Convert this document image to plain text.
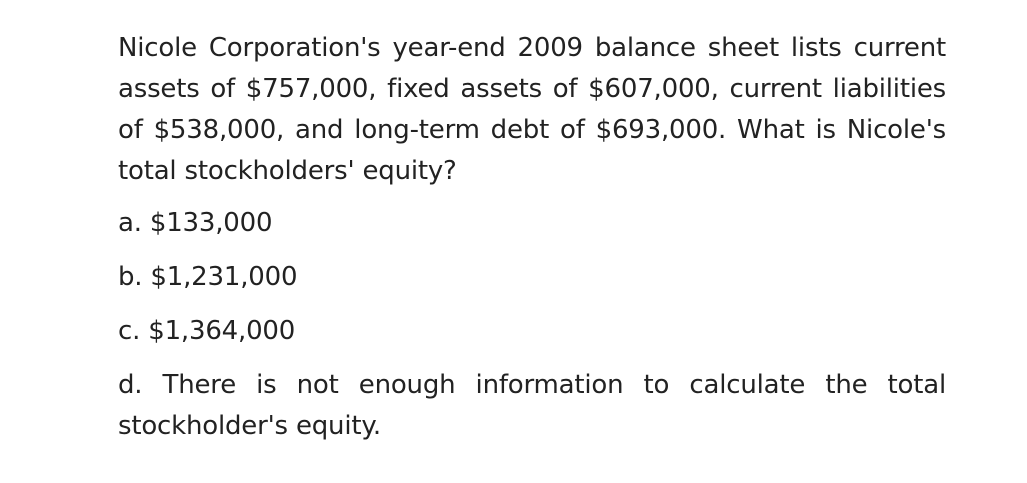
Nicole Corporation's year-end 2009 balance sheet lists current assets of $757,000, fixed assets of $607,000, current liabilities of $538,000, and long-term debt of $693,000. What is Nicole's total stockholders' equity?

a. $133,000
b. $1,231,000
c. $1,364,000
d. There is not enough information to calculate the total stockholder's equity.
